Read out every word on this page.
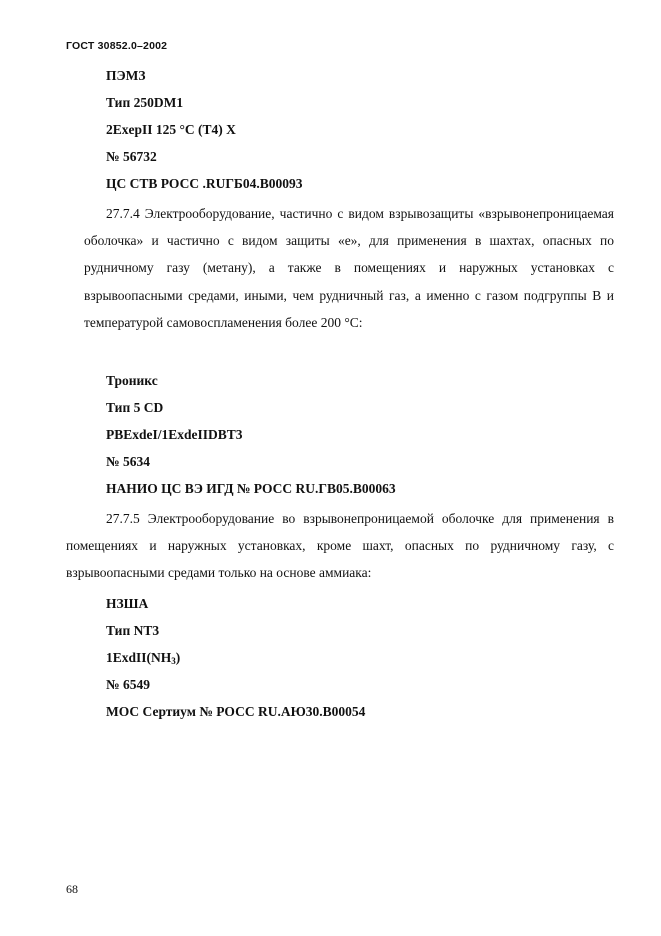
ГОСТ 30852.0–2002
ПЭМЗ
Тип 250DM1
2ExeрII 125 °С (Т4) Х
№ 56732
ЦС СТВ РОСС .RUГБ04.В00093

27.7.4 Электрооборудование, частично с видом взрывозащиты «взрывонепроницаемая оболочка» и частично с видом защиты «е», для применения в шахтах, опасных по рудничному газу (метану), а также в помещениях и наружных установках с взрывоопасными средами, иными, чем рудничный газ, а именно с газом подгруппы В и температурой самовоспламенения более 200 °С:

Троникс
Тип 5 CD
PBExdeI/1ExdeIIDBT3
№ 5634
НАНИО ЦС ВЭ ИГД № РОСС RU.ГВ05.В00063

27.7.5 Электрооборудование во взрывонепроницаемой оболочке для применения в помещениях и наружных установках, кроме шахт, опасных по рудничному газу, с взрывоопасными средами только на основе аммиака:

НЗША
Тип NT3
$1ExdII(NH_3)$
№ 6549
МОС Сертиум № РОСС RU.АЮ30.В00054
68
